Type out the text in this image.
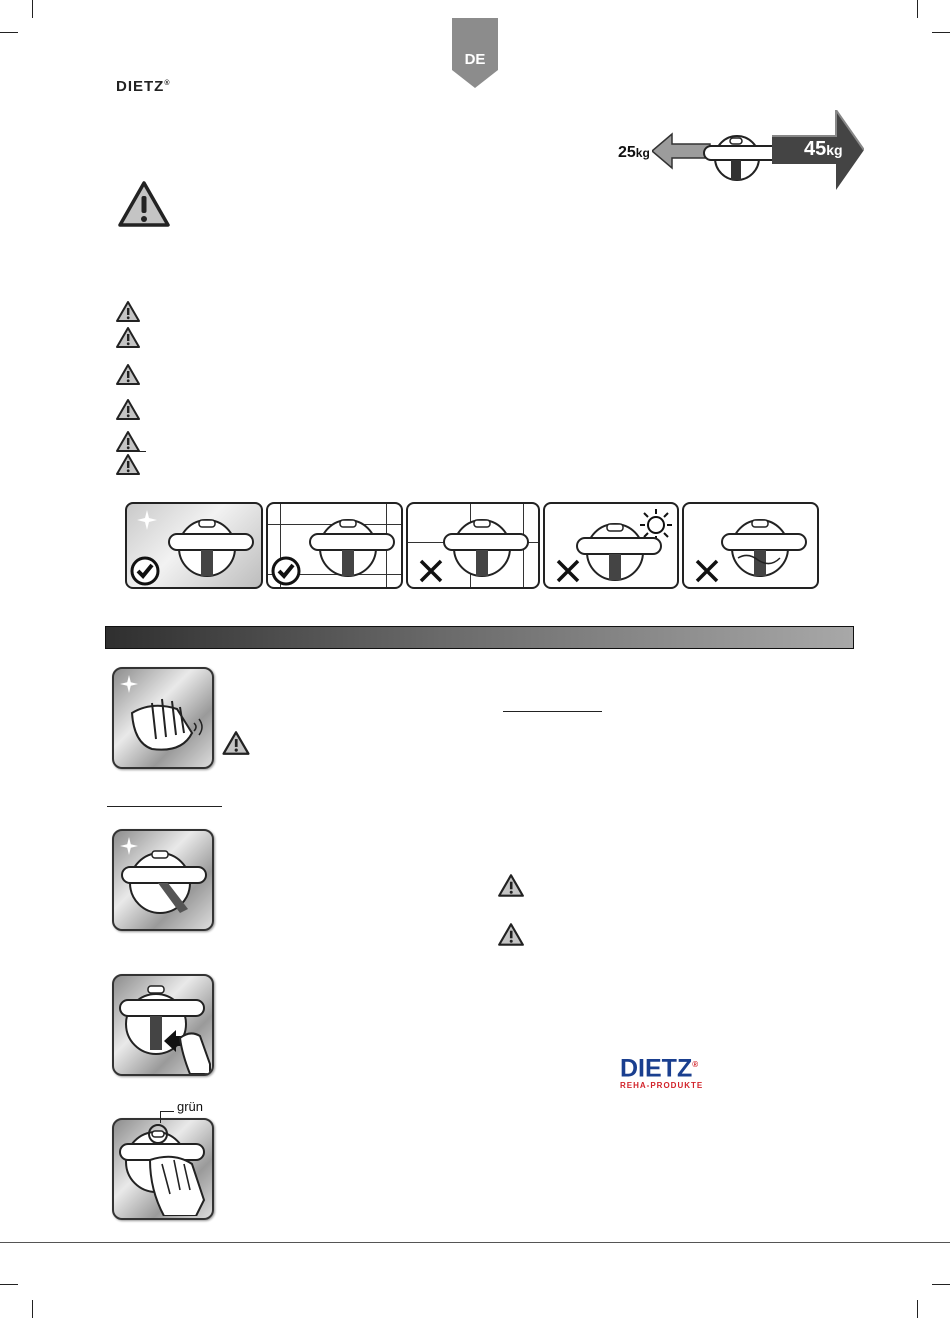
DE
DIETZ®
25kg	45kg
grün
DIETZ®
REHA-PRODUKTE
